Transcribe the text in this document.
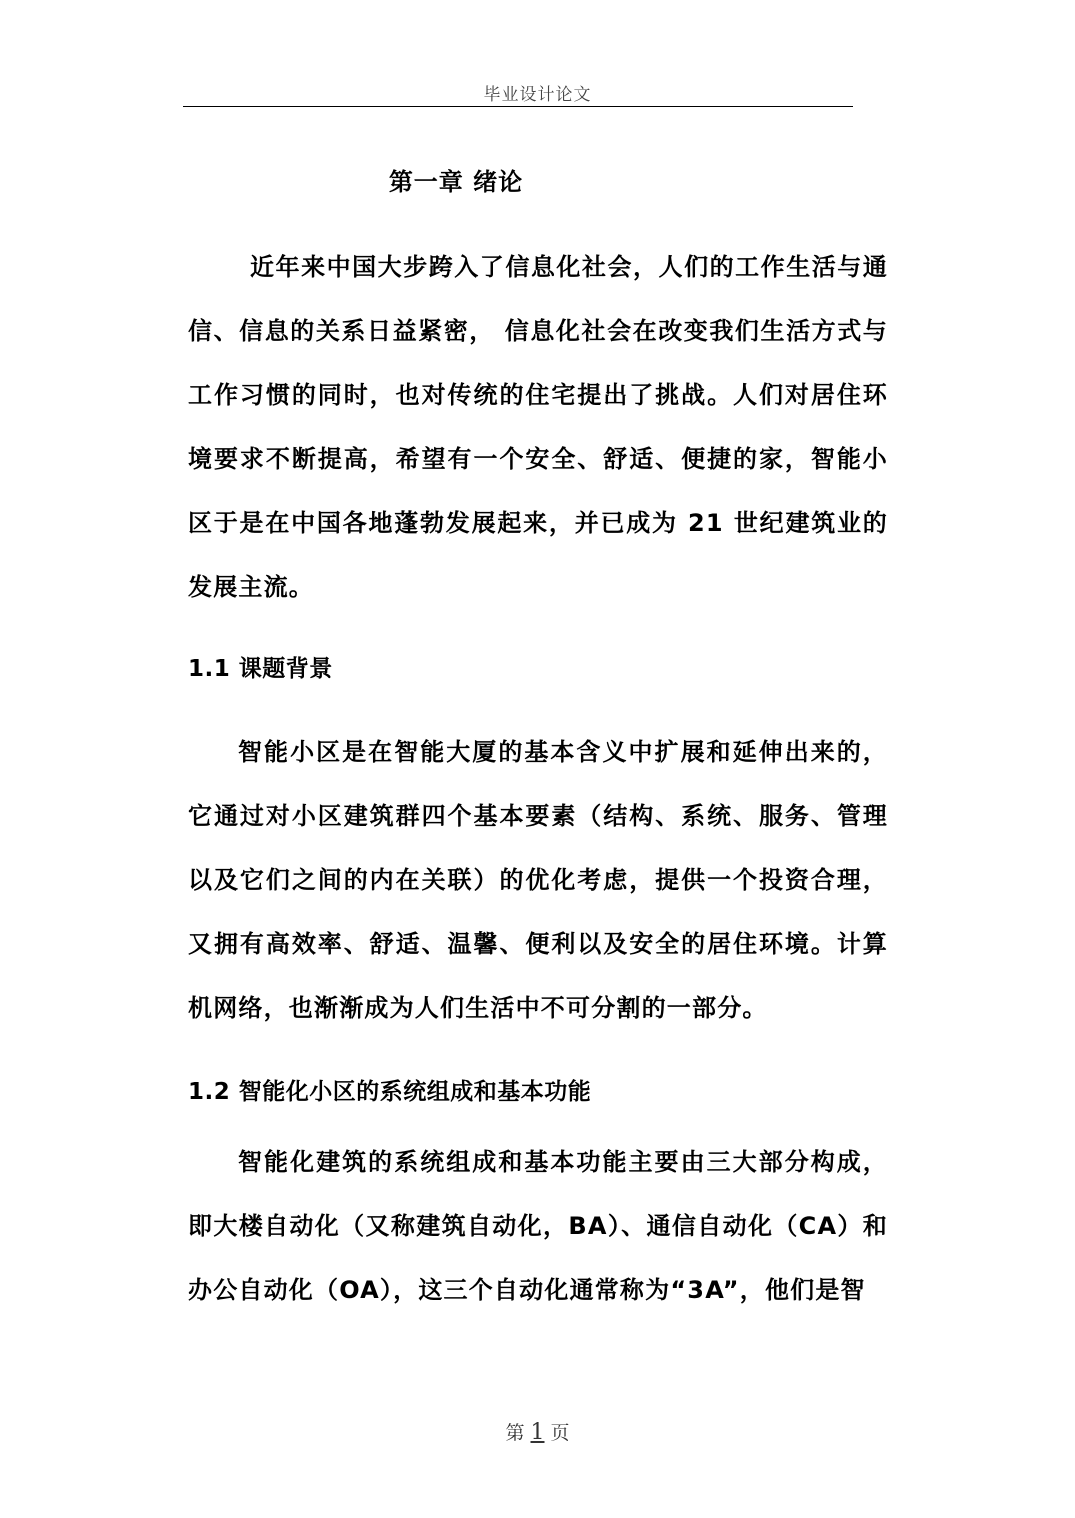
毕业设计论文
第一章 绪论

近年来中国大步跨入了信息化社会，人们的工作生活与通信、信息的关系日益紧密， 信息化社会在改变我们生活方式与工作习惯的同时，也对传统的住宅提出了挑战。人们对居住环境要求不断提高，希望有一个安全、舒适、便捷的家，智能小区于是在中国各地蓬勃发展起来，并已成为 21 世纪建筑业的发展主流。

1.1 课题背景

智能小区是在智能大厦的基本含义中扩展和延伸出来的，它通过对小区建筑群四个基本要素（结构、系统、服务、管理以及它们之间的内在关联）的优化考虑，提供一个投资合理，又拥有高效率、舒适、温馨、便利以及安全的居住环境。计算机网络，也渐渐成为人们生活中不可分割的一部分。

1.2 智能化小区的系统组成和基本功能

智能化建筑的系统组成和基本功能主要由三大部分构成，即大楼自动化（又称建筑自动化，BA）、通信自动化（CA）和办公自动化（OA），这三个自动化通常称为“3A”，他们是智

第 1 页
